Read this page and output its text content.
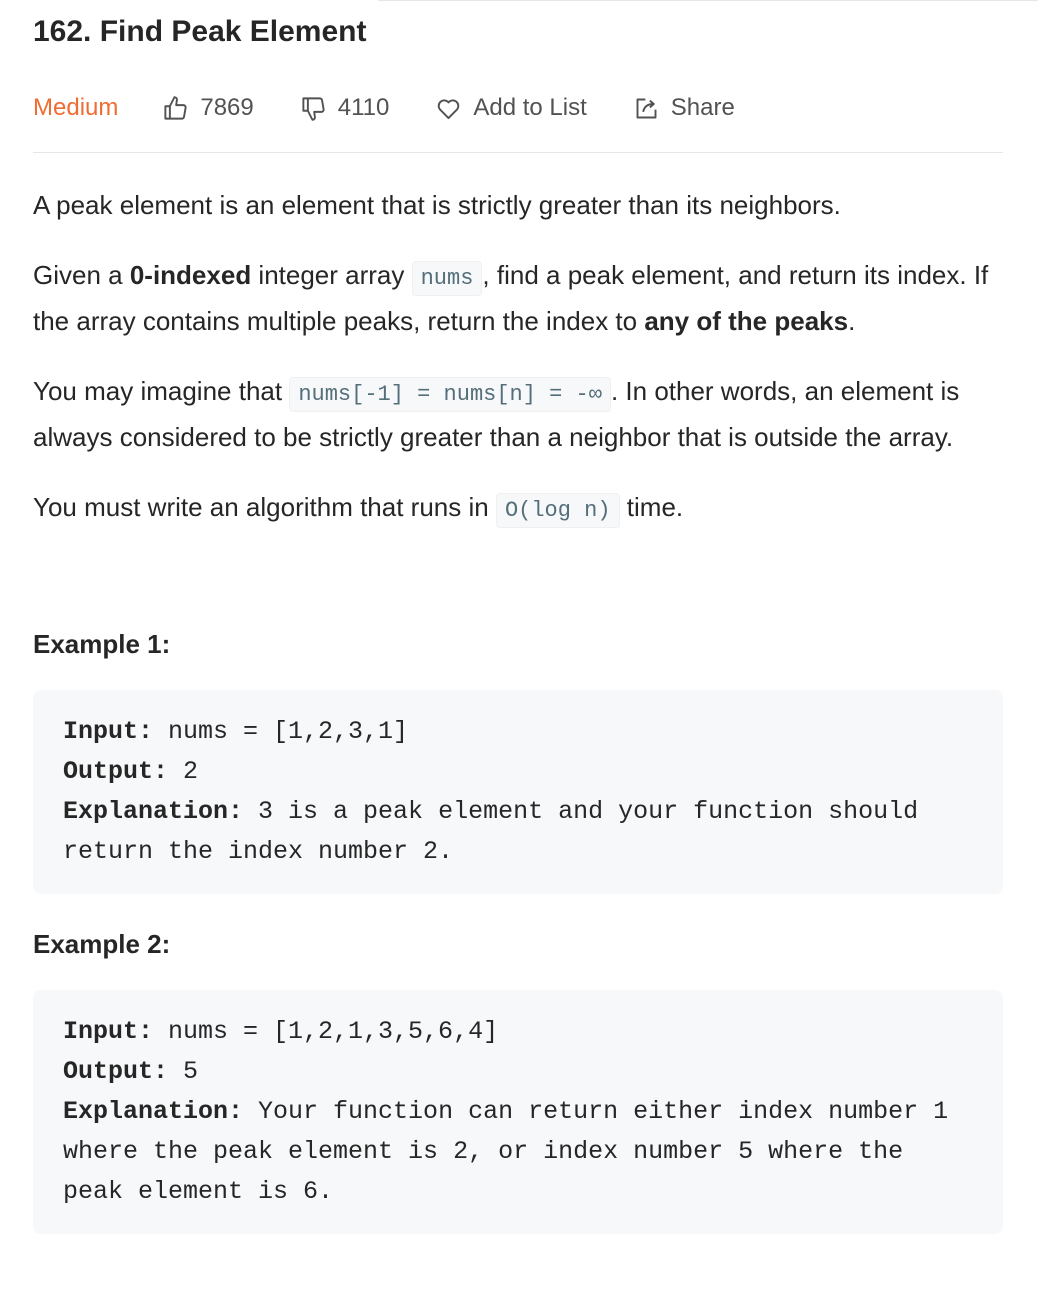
162. Find Peak Element
Medium	7869	4110	Add to List	Share

A peak element is an element that is strictly greater than its neighbors.

Given a 0-indexed integer array nums , find a peak element, and return its index. If the array contains multiple peaks, return the index to any of the peaks.

You may imagine that nums[-1] = nums[n] = -∞ . In other words, an element is always considered to be strictly greater than a neighbor that is outside the array.

You must write an algorithm that runs in O(log n) time.

Example 1:
Input: nums = [1,2,3,1]
Output: 2
Explanation: 3 is a peak element and your function should return the index number 2.
Example 2:
Input: nums = [1,2,1,3,5,6,4]
Output: 5
Explanation: Your function can return either index number 1 where the peak element is 2, or index number 5 where the peak element is 6.
